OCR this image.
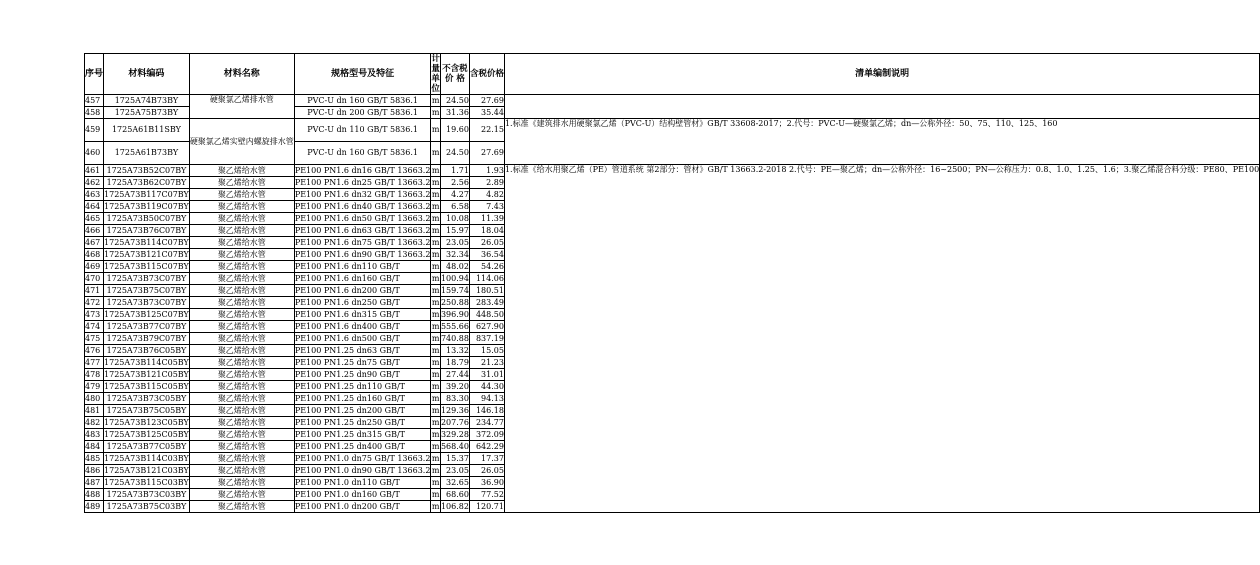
序号	材料编码	材料名称	规格型号及特征	计量单位	不含税价 格	含税价格	清单编制说明
457	1725A74B73BY	硬聚氯乙烯排水管	PVC-U dn 160 GB/T 5836.1	m	24.50	27.69	
458	1725A75B73BY		PVC-U dn 200 GB/T 5836.1	m	31.36	35.44	
459	1725A61B11SBY	硬聚氯乙烯实壁内螺旋排水管	PVC-U dn 110 GB/T 5836.1	m	19.60	22.15	1.标准《建筑排水用硬聚氯乙烯（PVC-U）结构壁管材》GB/T 33608-2017；2.代号：PVC-U—硬聚氯乙烯；dn—公称外径：50、75、110、125、160
460	1725A61B73BY		PVC-U dn 160 GB/T 5836.1	m	24.50	27.69	
461	1725A73B52C07BY	聚乙烯给水管	PE100 PN1.6 dn16 GB/T 13663.2	m	1.71	1.93	1.标准《给水用聚乙烯（PE）管道系统 第2部分：管材》GB/T 13663.2-2018 2.代号：PE—聚乙烯；dn—公称外径：16~2500；PN—公称压力：0.8、1.0、1.25、1.6；3.聚乙烯混合料分级：PE80、PE100
462	1725A73B62C07BY	聚乙烯给水管	PE100 PN1.6 dn25 GB/T 13663.2	m	2.56	2.89	
463	1725A73B117C07BY	聚乙烯给水管	PE100 PN1.6 dn32 GB/T 13663.2	m	4.27	4.82	
464	1725A73B119C07BY	聚乙烯给水管	PE100 PN1.6 dn40 GB/T 13663.2	m	6.58	7.43	
465	1725A73B50C07BY	聚乙烯给水管	PE100 PN1.6 dn50 GB/T 13663.2	m	10.08	11.39	
466	1725A73B76C07BY	聚乙烯给水管	PE100 PN1.6 dn63 GB/T 13663.2	m	15.97	18.04	
467	1725A73B114C07BY	聚乙烯给水管	PE100 PN1.6 dn75 GB/T 13663.2	m	23.05	26.05	
468	1725A73B121C07BY	聚乙烯给水管	PE100 PN1.6 dn90 GB/T 13663.2	m	32.34	36.54	
469	1725A73B115C07BY	聚乙烯给水管	PE100 PN1.6 dn110 GB/T	m	48.02	54.26	
470	1725A73B73C07BY	聚乙烯给水管	PE100 PN1.6 dn160 GB/T	m	100.94	114.06	
471	1725A73B75C07BY	聚乙烯给水管	PE100 PN1.6 dn200 GB/T	m	159.74	180.51	
472	1725A73B73C07BY	聚乙烯给水管	PE100 PN1.6 dn250 GB/T	m	250.88	283.49	
473	1725A73B125C07BY	聚乙烯给水管	PE100 PN1.6 dn315 GB/T	m	396.90	448.50	
474	1725A73B77C07BY	聚乙烯给水管	PE100 PN1.6 dn400 GB/T	m	555.66	627.90	
475	1725A73B79C07BY	聚乙烯给水管	PE100 PN1.6 dn500 GB/T	m	740.88	837.19	
476	1725A73B76C05BY	聚乙烯给水管	PE100 PN1.25 dn63 GB/T	m	13.32	15.05	
477	1725A73B114C05BY	聚乙烯给水管	PE100 PN1.25 dn75 GB/T	m	18.79	21.23	
478	1725A73B121C05BY	聚乙烯给水管	PE100 PN1.25 dn90 GB/T	m	27.44	31.01	
479	1725A73B115C05BY	聚乙烯给水管	PE100 PN1.25 dn110 GB/T	m	39.20	44.30	
480	1725A73B73C05BY	聚乙烯给水管	PE100 PN1.25 dn160 GB/T	m	83.30	94.13	
481	1725A73B75C05BY	聚乙烯给水管	PE100 PN1.25 dn200 GB/T	m	129.36	146.18	
482	1725A73B123C05BY	聚乙烯给水管	PE100 PN1.25 dn250 GB/T	m	207.76	234.77	
483	1725A73B125C05BY	聚乙烯给水管	PE100 PN1.25 dn315 GB/T	m	329.28	372.09	
484	1725A73B77C05BY	聚乙烯给水管	PE100 PN1.25 dn400 GB/T	m	568.40	642.29	
485	1725A73B114C03BY	聚乙烯给水管	PE100 PN1.0 dn75 GB/T 13663.2	m	15.37	17.37	
486	1725A73B121C03BY	聚乙烯给水管	PE100 PN1.0 dn90 GB/T 13663.2	m	23.05	26.05	
487	1725A73B115C03BY	聚乙烯给水管	PE100 PN1.0 dn110 GB/T	m	32.65	36.90	
488	1725A73B73C03BY	聚乙烯给水管	PE100 PN1.0 dn160 GB/T	m	68.60	77.52	
489	1725A73B75C03BY	聚乙烯给水管	PE100 PN1.0 dn200 GB/T	m	106.82	120.71	
